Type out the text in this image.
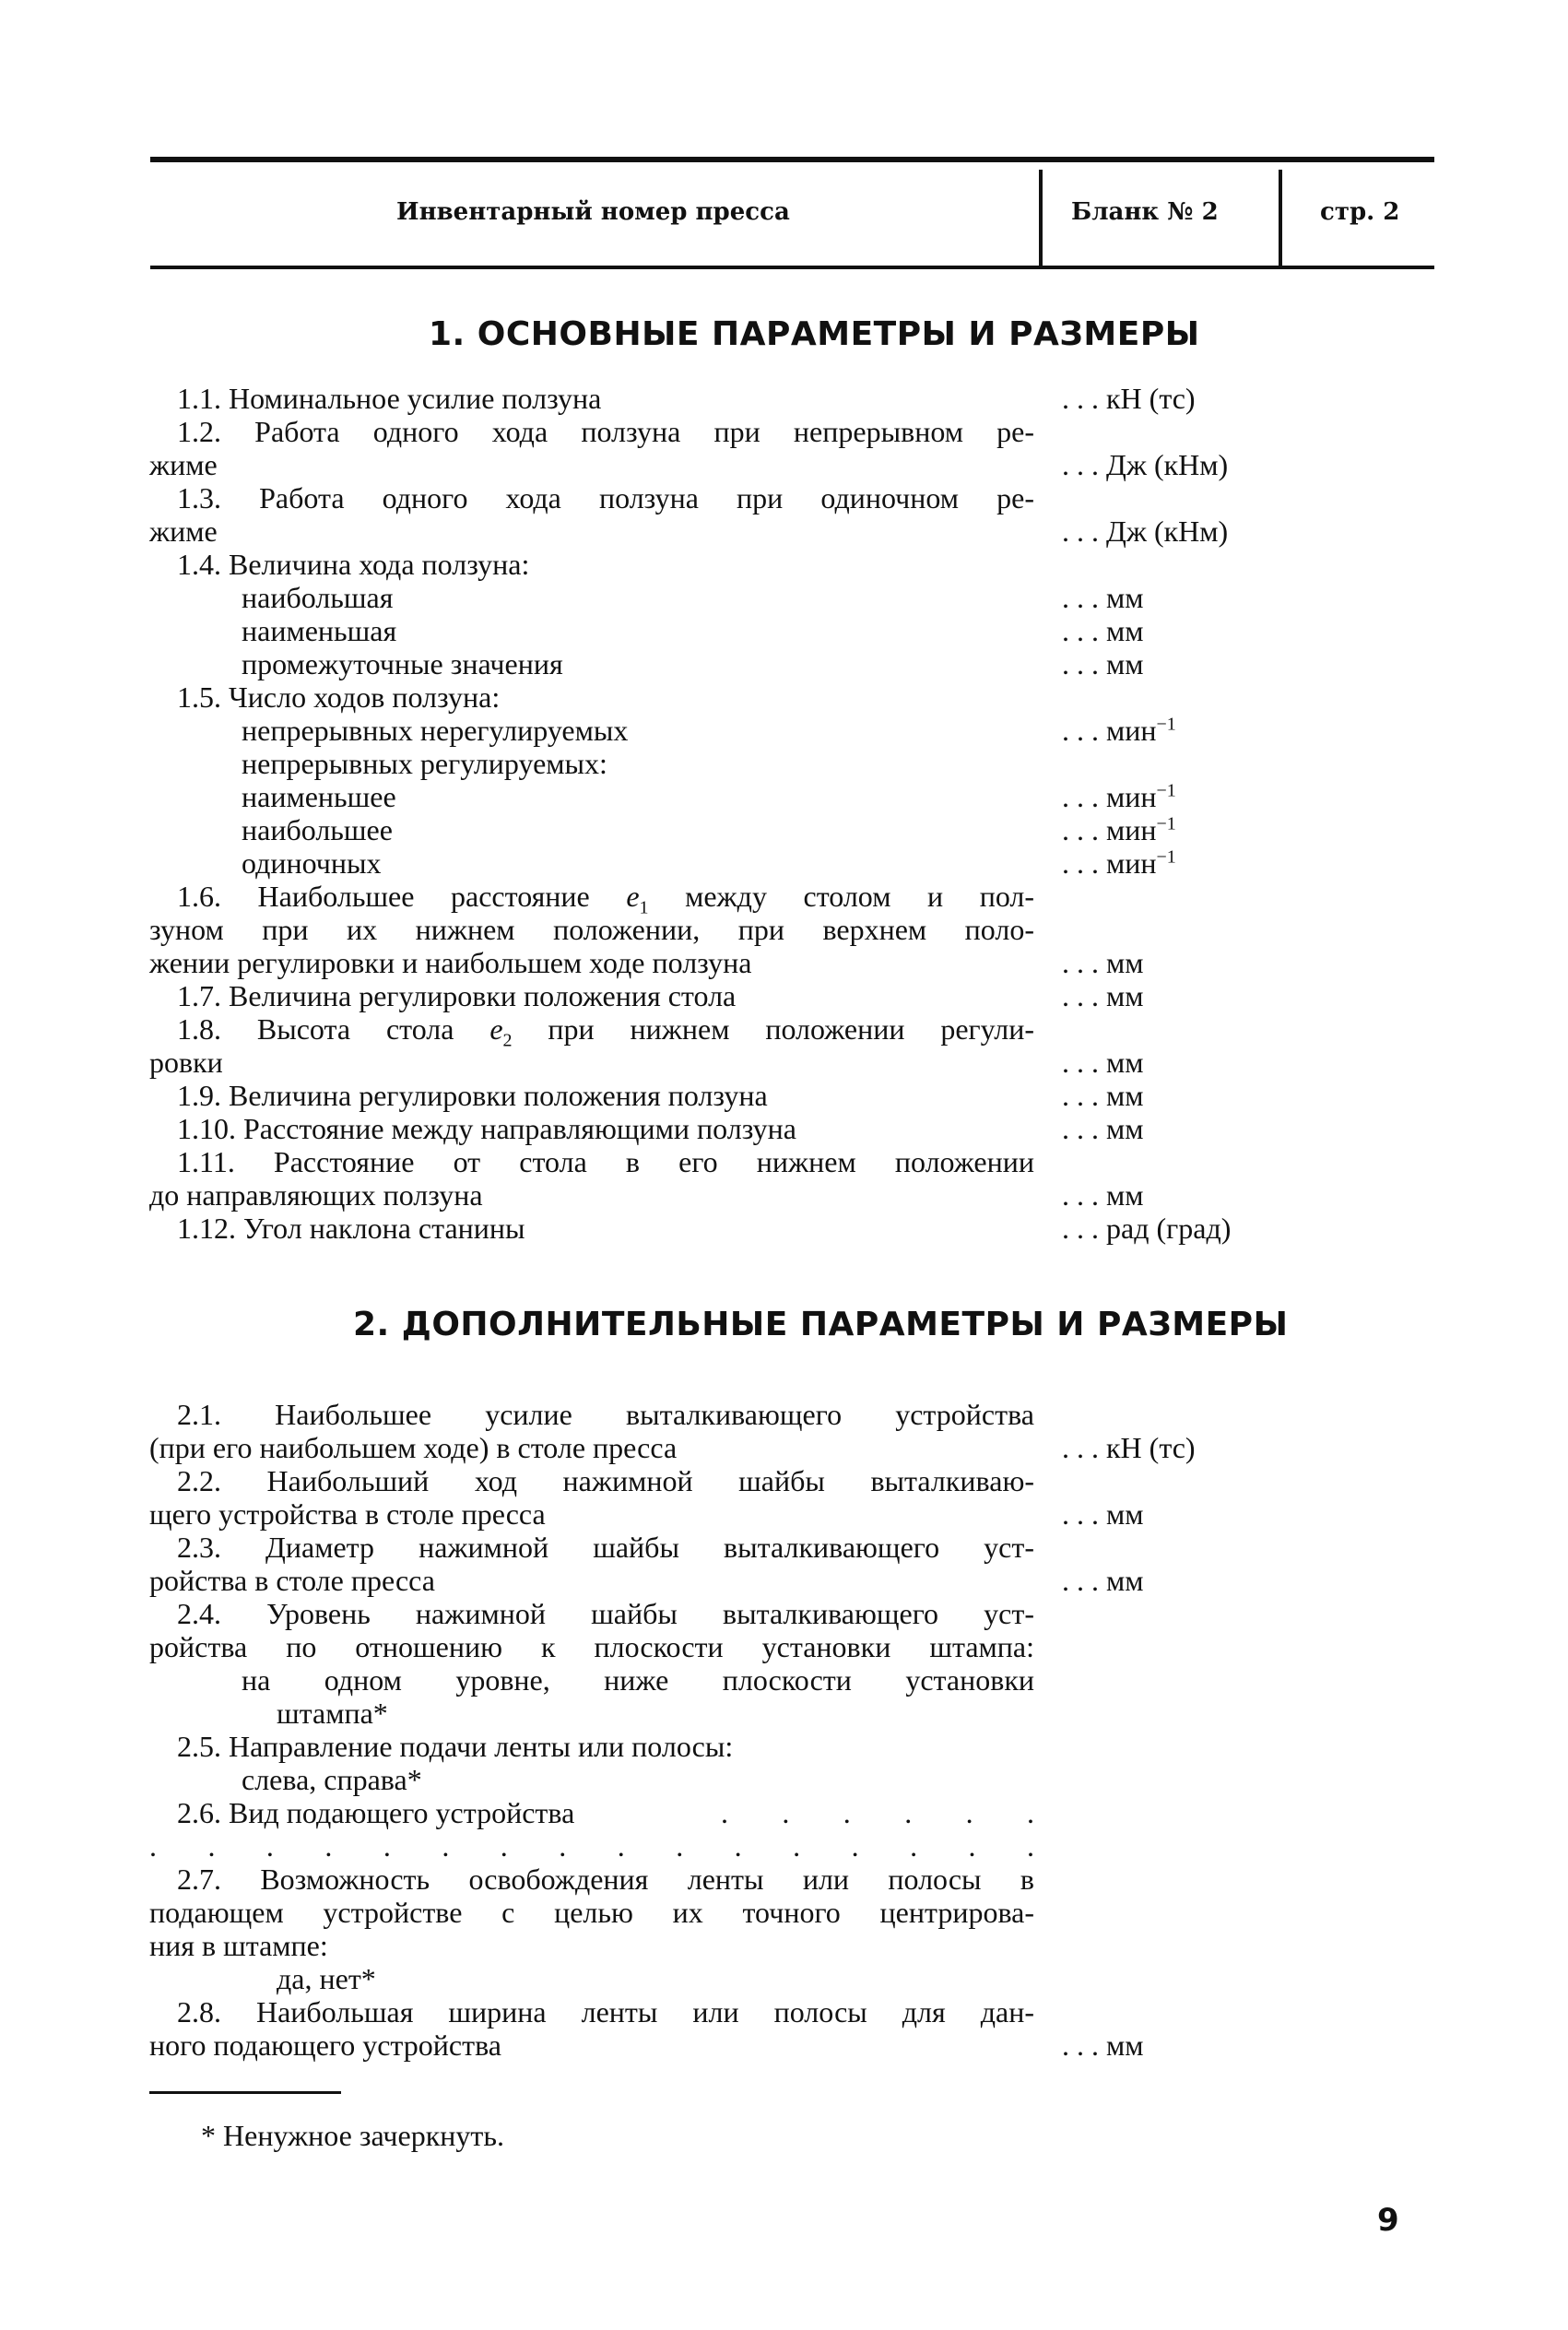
Инвентарный номер пресса	Бланк № 2	стр. 2
1. ОСНОВНЫЕ ПАРАМЕТРЫ И РАЗМЕРЫ
1.1. Номинальное усилие ползуна	. . . кН (тс)
1.2. Работа одного хода ползуна при непрерывном ре-
жиме	. . . Дж (кНм)
1.3. Работа одного хода ползуна при одиночном ре-
жиме	. . . Дж (кНм)
1.4. Величина хода ползуна:
наибольшая	. . . мм
наименьшая	. . . мм
промежуточные значения	. . . мм
1.5. Число ходов ползуна:
непрерывных нерегулируемых	. . . мин$^{-1}$
непрерывных регулируемых:
наименьшее	. . . мин$^{-1}$
наибольшее	. . . мин$^{-1}$
одиночных	. . . мин$^{-1}$
1.6. Наибольшее расстояние $e_1$ между столом и пол-
зуном при их нижнем положении, при верхнем поло-
жении регулировки и наибольшем ходе ползуна	. . . мм
1.7. Величина регулировки положения стола	. . . мм
1.8. Высота стола $e_2$ при нижнем положении регули-
ровки	. . . мм
1.9. Величина регулировки положения ползуна	. . . мм
1.10. Расстояние между направляющими ползуна	. . . мм
1.11. Расстояние от стола в его нижнем положении
до направляющих ползуна	. . . мм
1.12. Угол наклона станины	. . . рад (град)
2. ДОПОЛНИТЕЛЬНЫЕ ПАРАМЕТРЫ И РАЗМЕРЫ
2.1. Наибольшее усилие выталкивающего устройства
(при его наибольшем ходе) в столе пресса	. . . кН (тс)
2.2. Наибольший ход нажимной шайбы выталкиваю-
щего устройства в столе пресса	. . . мм
2.3. Диаметр нажимной шайбы выталкивающего уст-
ройства в столе пресса	. . . мм
2.4. Уровень нажимной шайбы выталкивающего уст-
ройства по отношению к плоскости установки штампа:
на одном уровне, ниже плоскости установки
штампа*
2.5. Направление подачи ленты или полосы:
слева, справа*
2.6. Вид подающего устройства	. . . . . .
. . . . . . . . . . . . . . . .
2.7. Возможность освобождения ленты или полосы в
подающем устройстве с целью их точного центрирова-
ния в штампе:
да, нет*
2.8. Наибольшая ширина ленты или полосы для дан-
ного подающего устройства	. . . мм
* Ненужное зачеркнуть.
9
